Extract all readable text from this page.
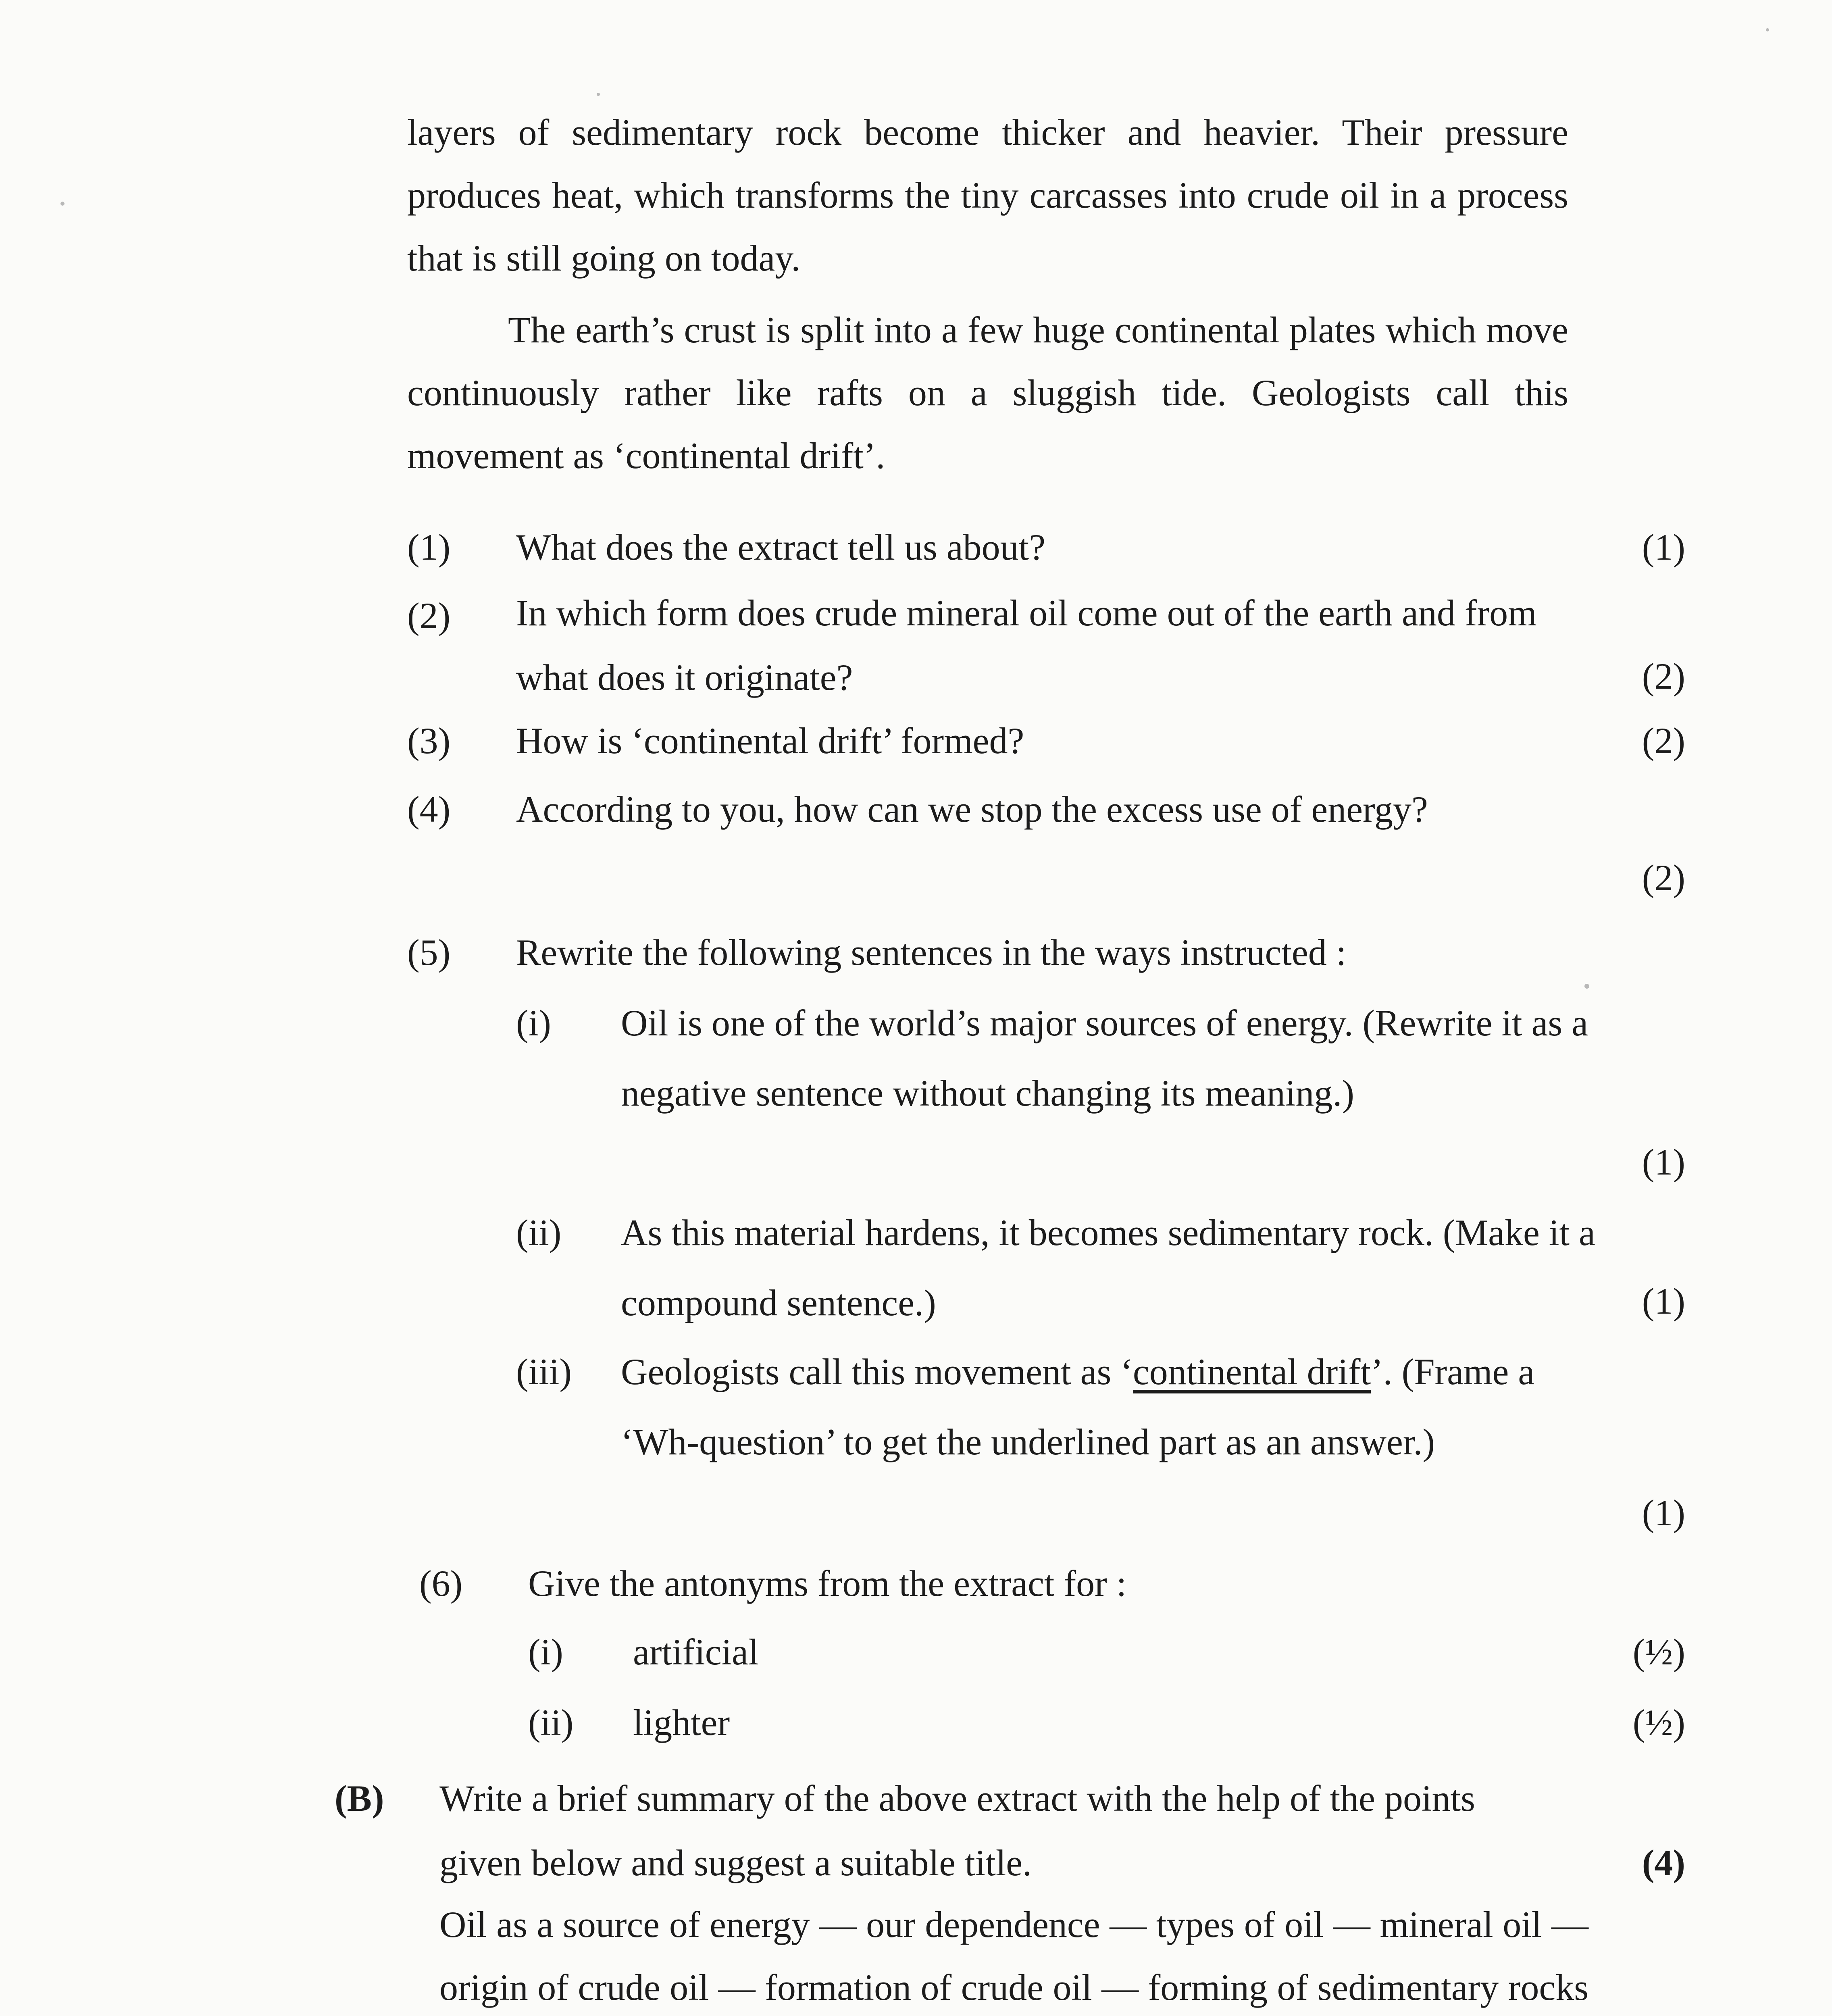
layers of sedimentary rock become thicker and heavier. Their pressure produces heat, which transforms the tiny carcasses into crude oil in a process that is still going on today.

The earth’s crust is split into a few huge continental plates which move continuously rather like rafts on a sluggish tide. Geologists call this movement as ‘continental drift’.

(1) What does the extract tell us about?	(1)
(2) In which form does crude mineral oil come out of the earth and from what does it originate?	(2)
(3) How is ‘continental drift’ formed?	(2)
(4) According to you, how can we stop the excess use of energy?
(2)
(5) Rewrite the following sentences in the ways instructed :
(i) Oil is one of the world’s major sources of energy. (Rewrite it as a negative sentence without changing its meaning.)
(1)
(ii) As this material hardens, it becomes sedimentary rock. (Make it a compound sentence.)	(1)
(iii) Geologists call this movement as ‘continental drift’. (Frame a ‘Wh-question’ to get the underlined part as an answer.)
(1)
(6) Give the antonyms from the extract for :
(i) artificial	(½)
(ii) lighter	(½)
(B) Write a brief summary of the above extract with the help of the points given below and suggest a suitable title.	(4)
Oil as a source of energy — our dependence — types of oil — mineral oil — origin of crude oil — formation of crude oil — forming of sedimentary rocks
